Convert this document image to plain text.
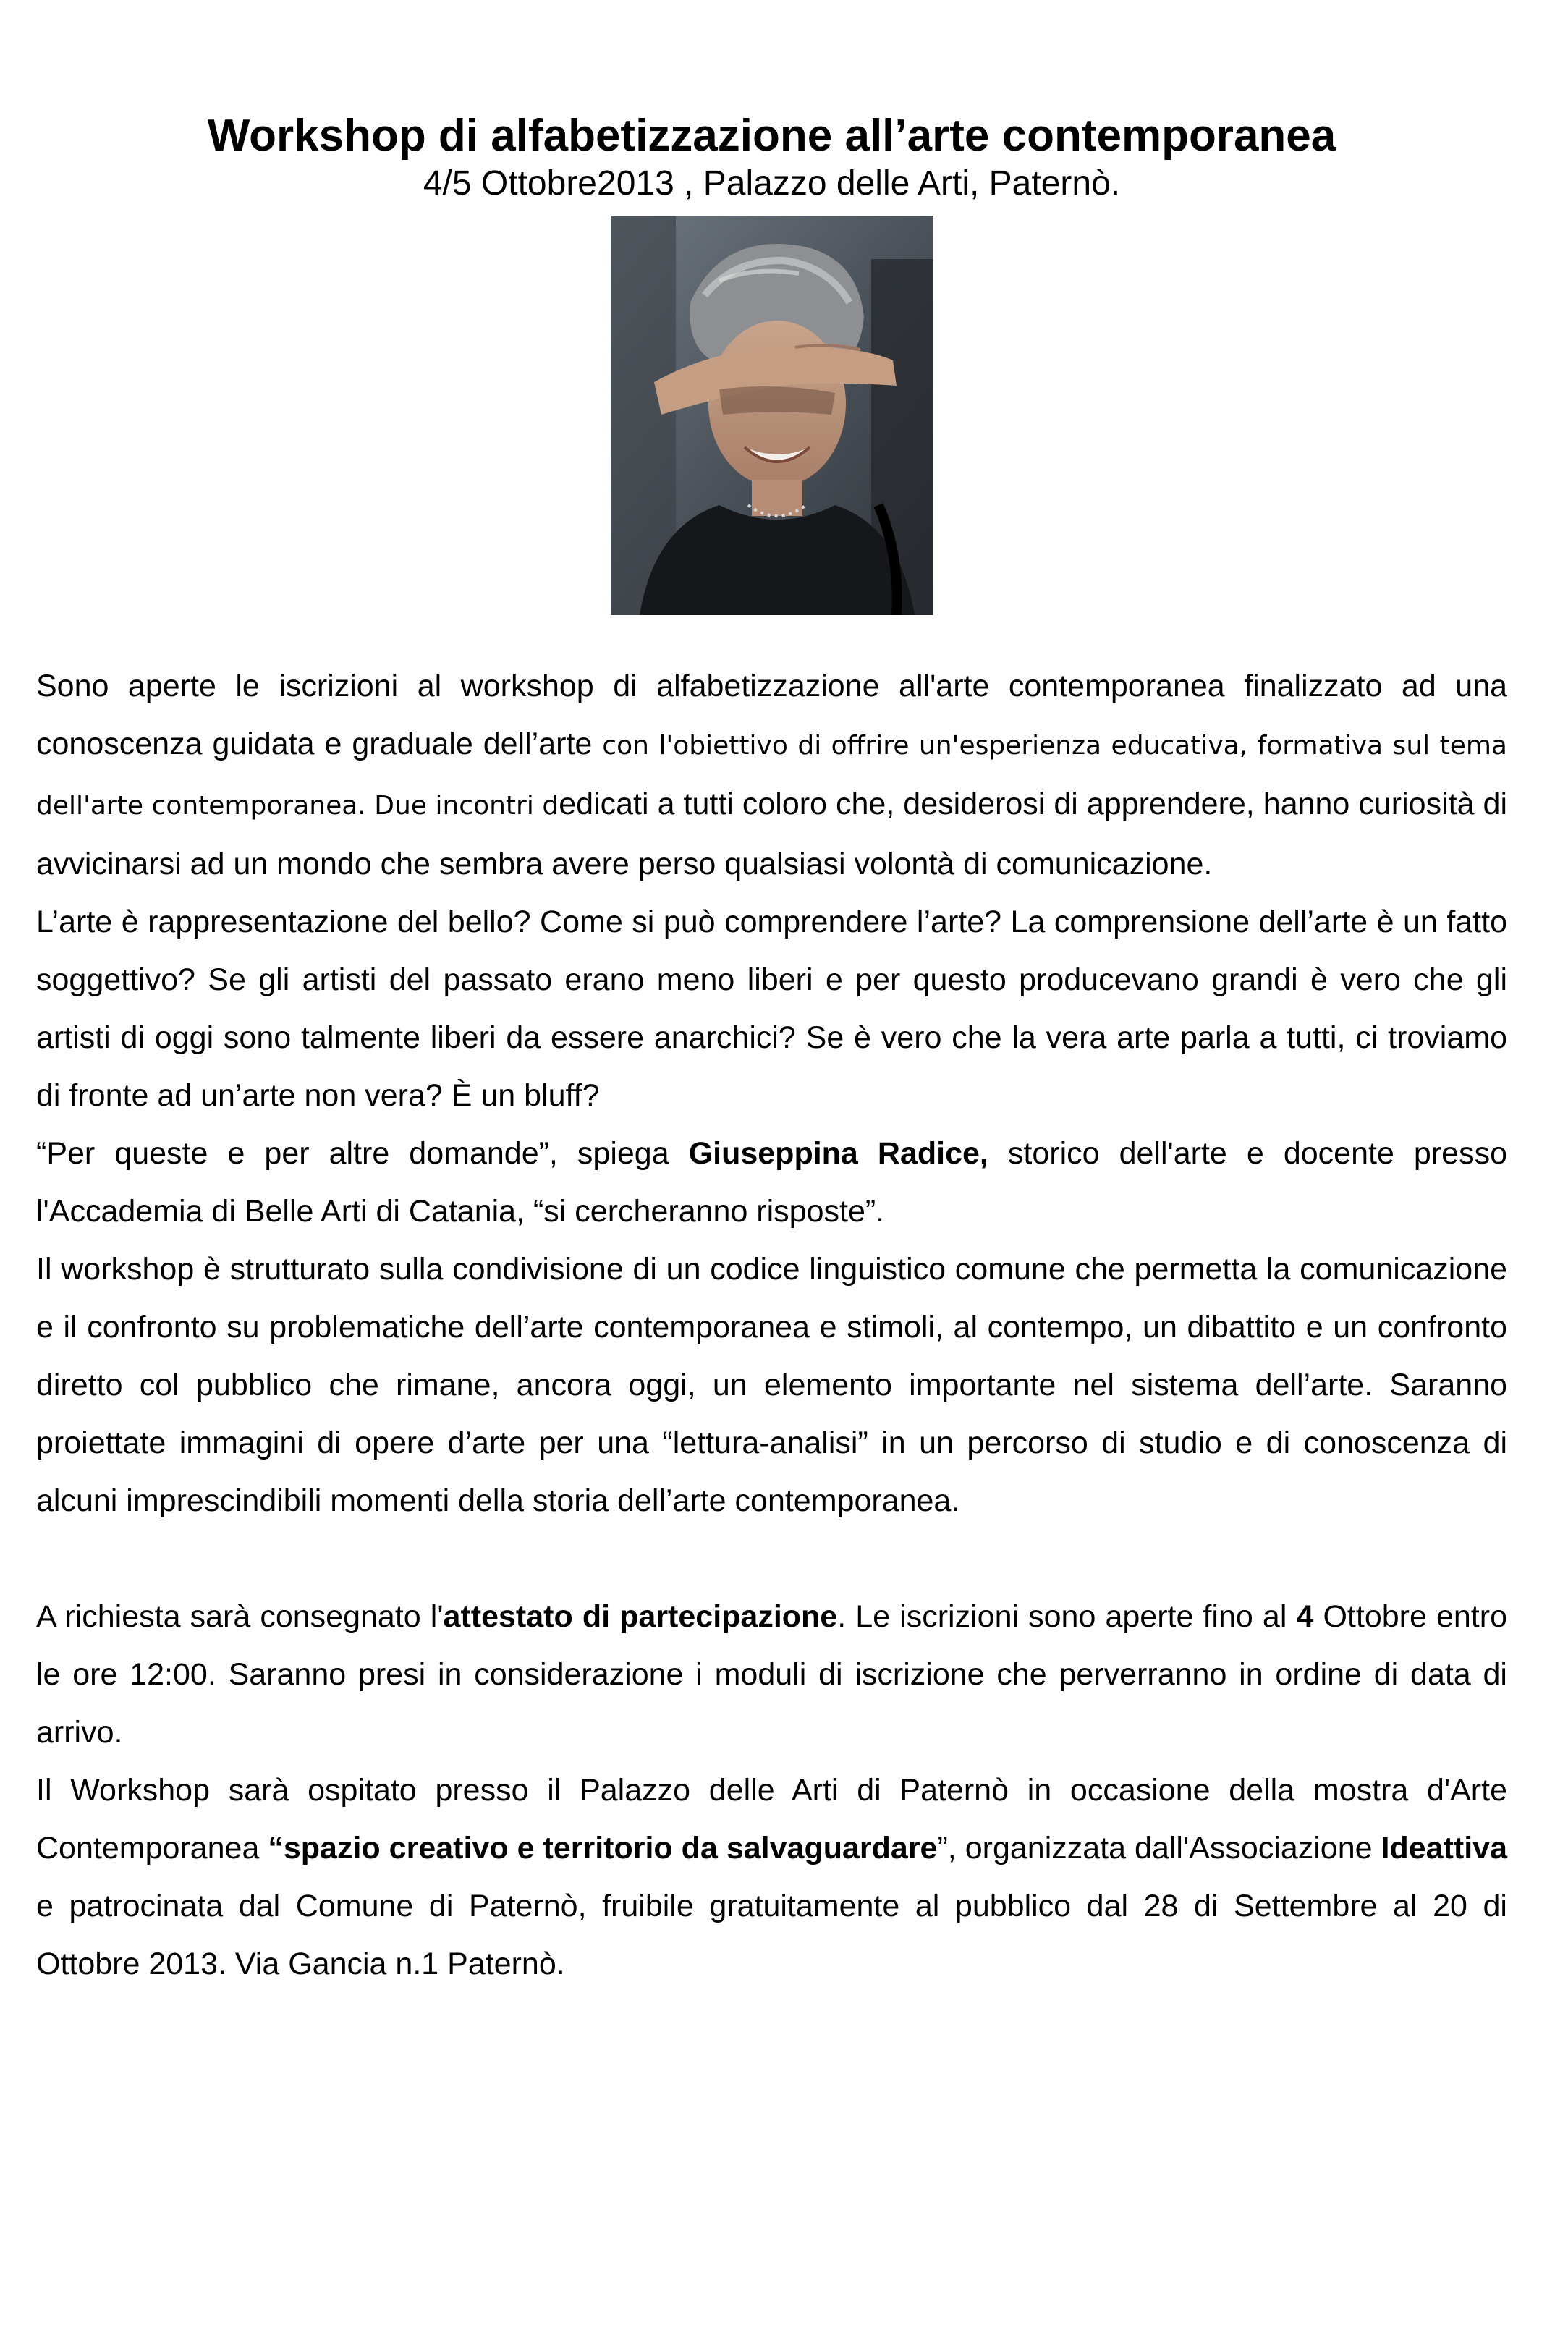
Workshop di alfabetizzazione all’arte contemporanea

4/5 Ottobre2013 , Palazzo delle Arti, Paternò.

Sono aperte le iscrizioni al workshop di alfabetizzazione all'arte contemporanea finalizzato ad una conoscenza guidata e graduale dell’arte con l'obiettivo di offrire un'esperienza educativa, formativa sul tema dell'arte contemporanea. Due incontri dedicati a tutti coloro che, desiderosi di apprendere, hanno curiosità di avvicinarsi ad un mondo che sembra avere perso qualsiasi volontà di comunicazione.

L’arte è rappresentazione del bello? Come si può comprendere l’arte? La comprensione dell’arte è un fatto soggettivo? Se gli artisti del passato erano meno liberi e per questo producevano grandi è vero che gli artisti di oggi sono talmente liberi da essere anarchici? Se è vero che la vera arte parla a tutti, ci troviamo di fronte ad un’arte non vera? È un bluff?

“Per queste e per altre domande”, spiega Giuseppina Radice, storico dell'arte e docente presso l'Accademia di Belle Arti di Catania, “si cercheranno risposte”.

Il workshop è strutturato sulla condivisione di un codice linguistico comune che permetta la comunicazione e il confronto su problematiche dell’arte contemporanea e stimoli, al contempo, un dibattito e un confronto diretto col pubblico che rimane, ancora oggi, un elemento importante nel sistema dell’arte. Saranno proiettate immagini di opere d’arte per una “lettura-analisi” in un percorso di studio e di conoscenza di alcuni imprescindibili momenti della storia dell’arte contemporanea.

A richiesta sarà consegnato l'attestato di partecipazione. Le iscrizioni sono aperte fino al 4 Ottobre entro le ore 12:00. Saranno presi in considerazione i moduli di iscrizione che perverranno in ordine di data di arrivo.

Il Workshop sarà ospitato presso il Palazzo delle Arti di Paternò in occasione della mostra d'Arte Contemporanea “spazio creativo e territorio da salvaguardare”, organizzata dall'Associazione Ideattiva e patrocinata dal Comune di Paternò, fruibile gratuitamente al pubblico dal 28 di Settembre al 20 di Ottobre 2013. Via Gancia n.1 Paternò.
